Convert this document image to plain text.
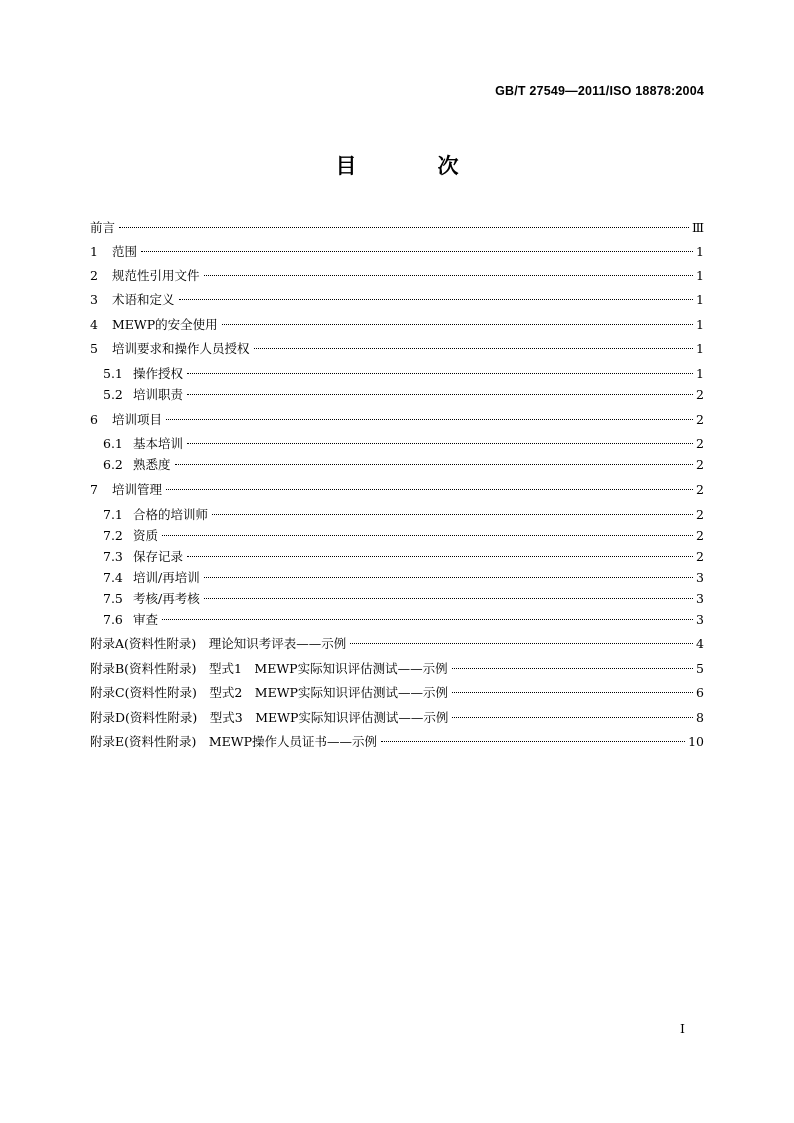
GB/T 27549—2011/ISO 18878:2004
目　次
前言	Ⅲ
1	范围	1
2	规范性引用文件	1
3	术语和定义	1
4	MEWP的安全使用	1
5	培训要求和操作人员授权	1
5.1 操作授权	1
5.2 培训职责	2
6	培训项目	2
6.1 基本培训	2
6.2 熟悉度	2
7	培训管理	2
7.1 合格的培训师	2
7.2 资质	2
7.3 保存记录	2
7.4 培训/再培训	3
7.5 考核/再考核	3
7.6 审查	3
附录A(资料性附录)　理论知识考评表——示例	4
附录B(资料性附录)　型式1　MEWP实际知识评估测试——示例	5
附录C(资料性附录)　型式2　MEWP实际知识评估测试——示例	6
附录D(资料性附录)　型式3　MEWP实际知识评估测试——示例	8
附录E(资料性附录)　MEWP操作人员证书——示例	10
Ⅰ
